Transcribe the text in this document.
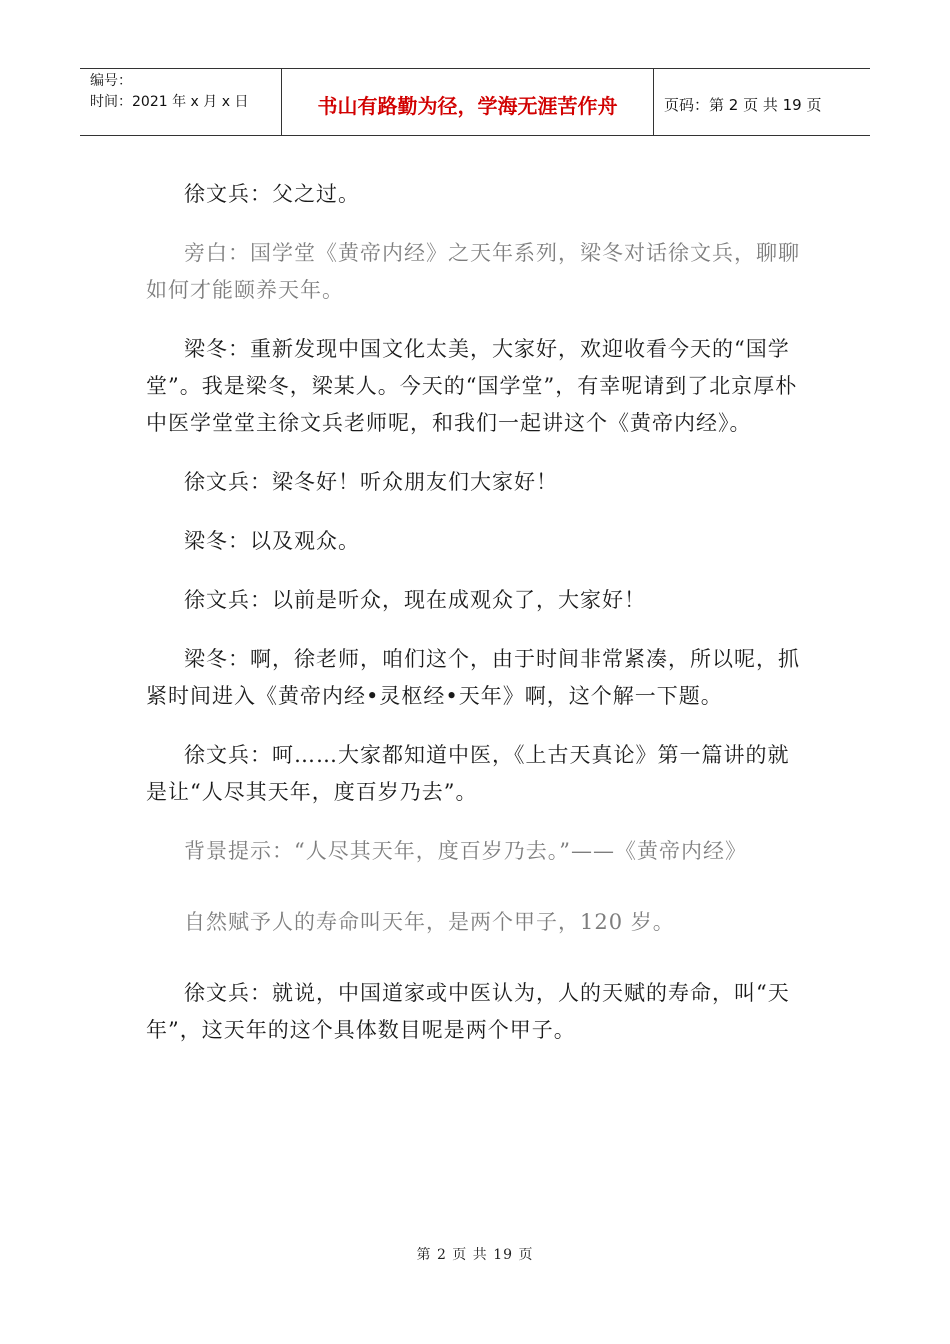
编号：
时间：2021 年 x 月 x 日	书山有路勤为径，学海无涯苦作舟	页码：第 2 页 共 19 页

徐文兵：父之过。

旁白：国学堂《黄帝内经》之天年系列，梁冬对话徐文兵，聊聊如何才能颐养天年。

梁冬：重新发现中国文化太美，大家好，欢迎收看今天的“国学堂”。我是梁冬，梁某人。今天的“国学堂”，有幸呢请到了北京厚朴中医学堂堂主徐文兵老师呢，和我们一起讲这个《黄帝内经》。

徐文兵：梁冬好！听众朋友们大家好！

梁冬：以及观众。

徐文兵：以前是听众，现在成观众了，大家好！

梁冬：啊，徐老师，咱们这个，由于时间非常紧凑，所以呢，抓紧时间进入《黄帝内经•灵枢经•天年》啊，这个解一下题。

徐文兵：呵……大家都知道中医，《上古天真论》第一篇讲的就是让“人尽其天年，度百岁乃去”。

背景提示：“人尽其天年，度百岁乃去。”——《黄帝内经》

自然赋予人的寿命叫天年，是两个甲子，120 岁。

徐文兵：就说，中国道家或中医认为，人的天赋的寿命，叫“天年”，这天年的这个具体数目呢是两个甲子。

第 2 页 共 19 页
